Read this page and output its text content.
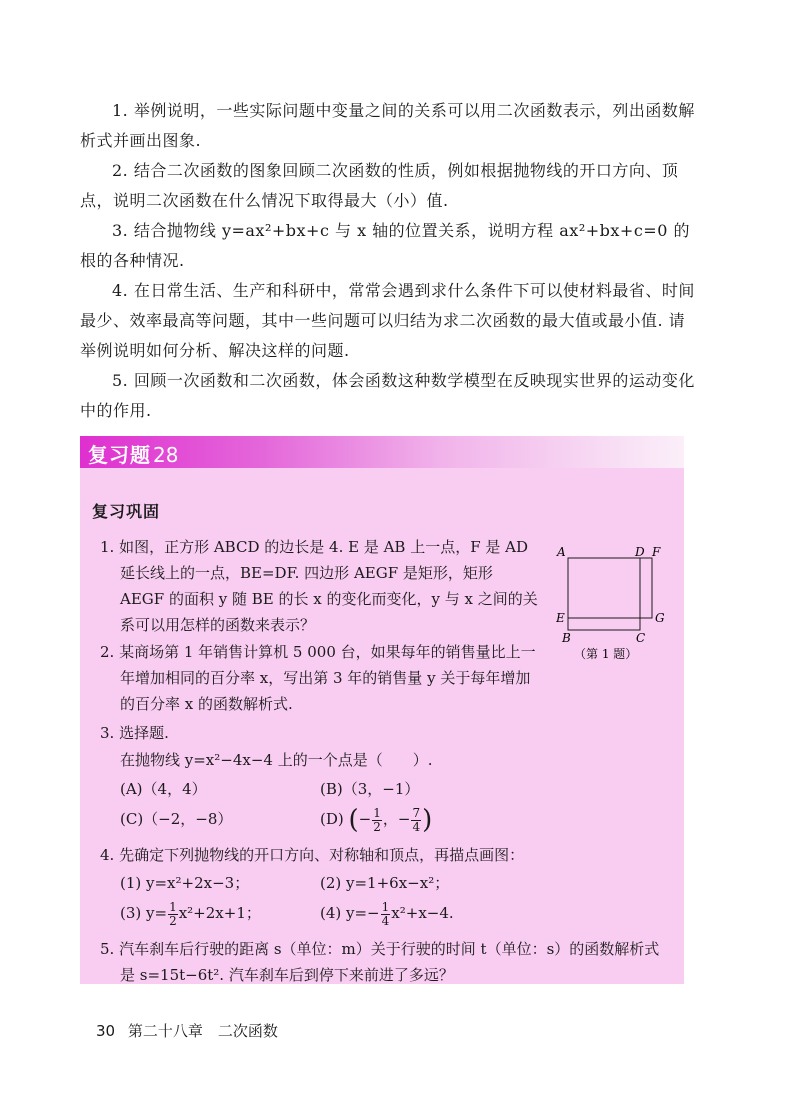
1. 举例说明，一些实际问题中变量之间的关系可以用二次函数表示，列出函数解析式并画出图象.

2. 结合二次函数的图象回顾二次函数的性质，例如根据抛物线的开口方向、顶点，说明二次函数在什么情况下取得最大（小）值.

3. 结合抛物线 y=ax²+bx+c 与 x 轴的位置关系，说明方程 ax²+bx+c=0 的根的各种情况.

4. 在日常生活、生产和科研中，常常会遇到求什么条件下可以使材料最省、时间最少、效率最高等问题，其中一些问题可以归结为求二次函数的最大值或最小值. 请举例说明如何分析、解决这样的问题.

5. 回顾一次函数和二次函数，体会函数这种数学模型在反映现实世界的运动变化中的作用.

复习题 28
复习巩固
1. 如图，正方形 ABCD 的边长是 4. E 是 AB 上一点，F 是 AD 延长线上的一点，BE=DF. 四边形 AEGF 是矩形，矩形 AEGF 的面积 y 随 BE 的长 x 的变化而变化，y 与 x 之间的关系可以用怎样的函数来表示？
2. 某商场第 1 年销售计算机 5 000 台，如果每年的销售量比上一年增加相同的百分率 x，写出第 3 年的销售量 y 关于每年增加的百分率 x 的函数解析式.
3. 选择题.
在抛物线 y=x²−4x−4 上的一个点是（　　）.
(A)（4，4）	(B)（3，−1）
(C)（−2，−8）	(D) (− $\frac{1}{2}$ ，− $\frac{7}{4}$ )
4. 先确定下列抛物线的开口方向、对称轴和顶点，再描点画图：
(1) y=x²+2x−3；	(2) y=1+6x−x²；
(3) $y= \frac{1}{2} x^2+2x+1$；	(4) $y=- \frac{1}{4} x^2+x-4$.
5. 汽车刹车后行驶的距离 s（单位：m）关于行驶的时间 t（单位：s）的函数解析式是 s=15t−6t². 汽车刹车后到停下来前进了多远？
A	D F
E	G
B	C
（第 1 题）
30 第二十八章　二次函数
